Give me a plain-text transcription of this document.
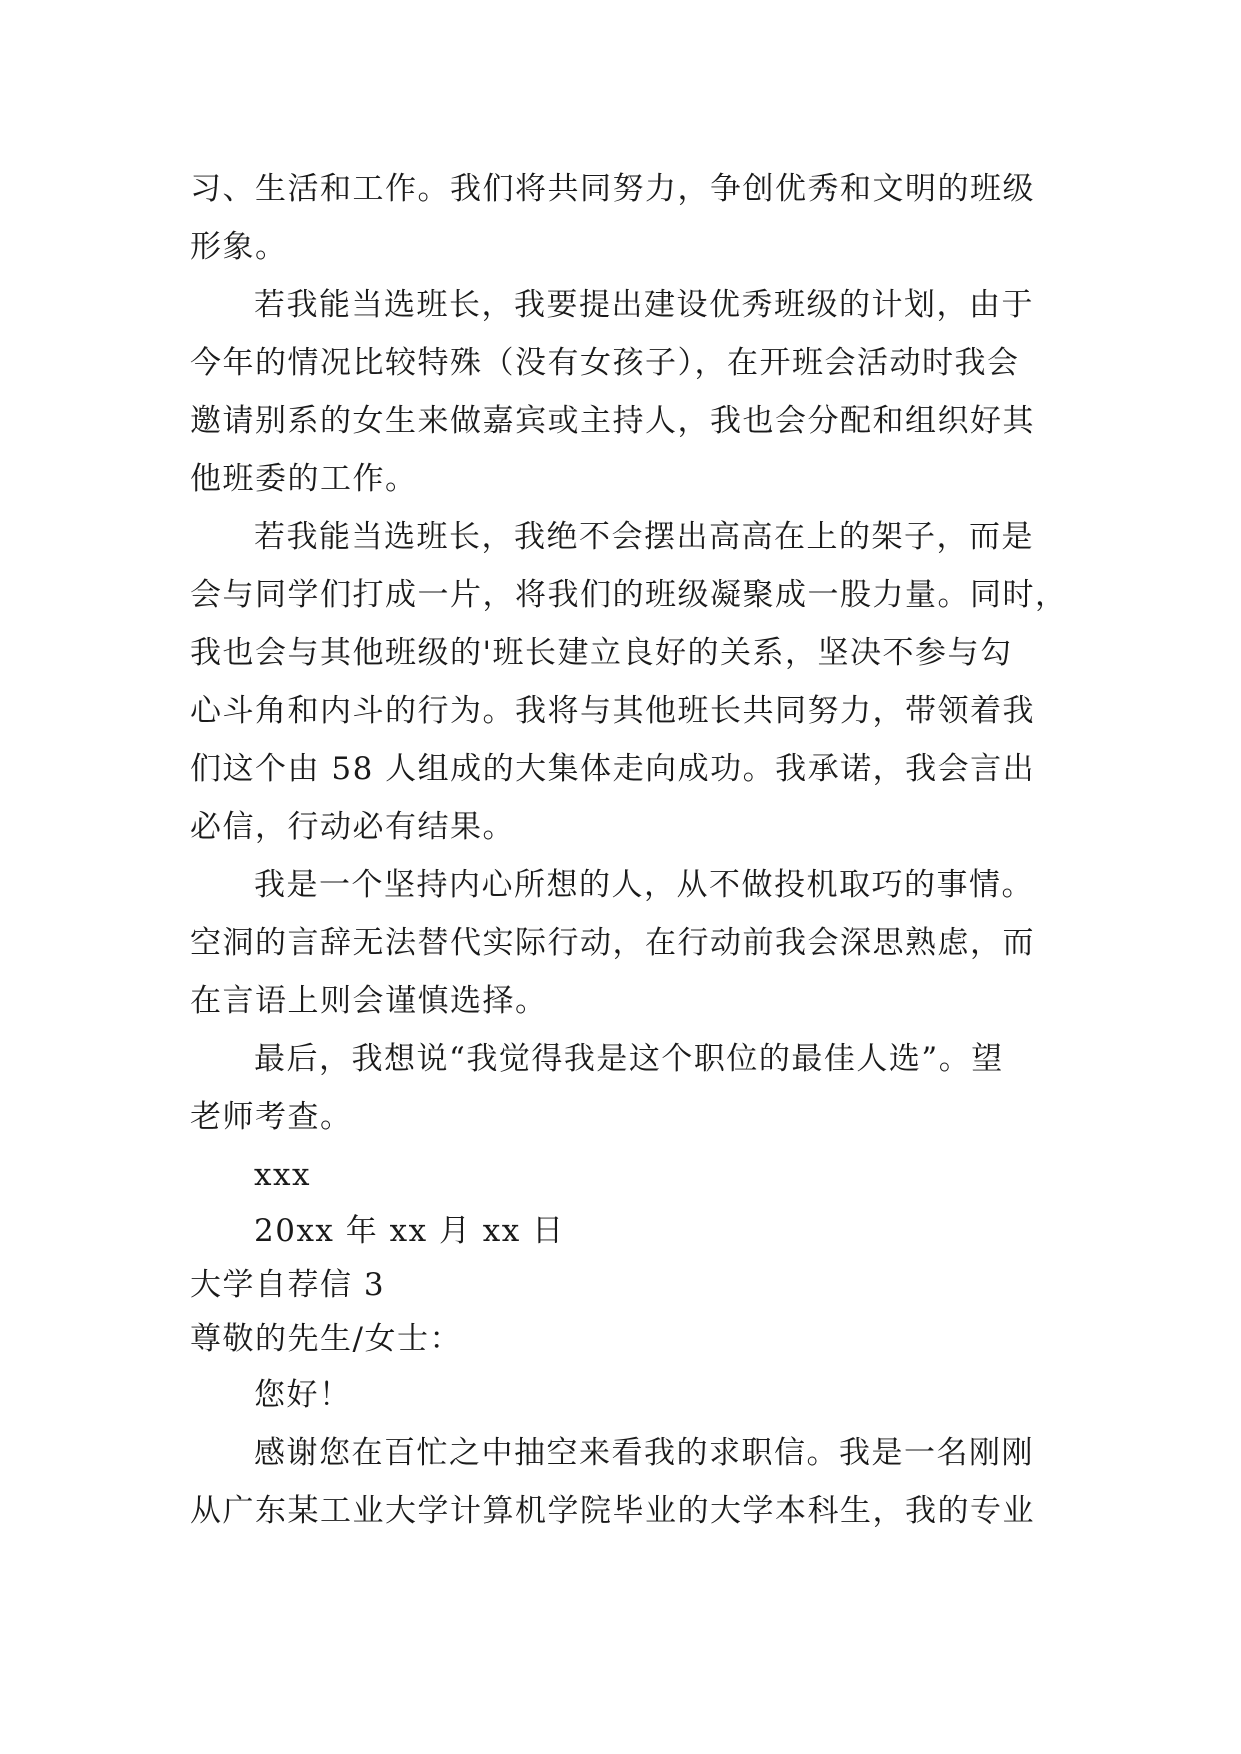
习、生活和工作。我们将共同努力，争创优秀和文明的班级
形象。
若我能当选班长，我要提出建设优秀班级的计划，由于
今年的情况比较特殊（没有女孩子），在开班会活动时我会
邀请别系的女生来做嘉宾或主持人，我也会分配和组织好其
他班委的工作。
若我能当选班长，我绝不会摆出高高在上的架子，而是
会与同学们打成一片，将我们的班级凝聚成一股力量。同时，
我也会与其他班级的'班长建立良好的关系，坚决不参与勾
心斗角和内斗的行为。我将与其他班长共同努力，带领着我
们这个由 58 人组成的大集体走向成功。我承诺，我会言出
必信，行动必有结果。
我是一个坚持内心所想的人，从不做投机取巧的事情。
空洞的言辞无法替代实际行动，在行动前我会深思熟虑，而
在言语上则会谨慎选择。
最后，我想说“我觉得我是这个职位的最佳人选”。望
老师考查。
xxx
20xx 年 xx 月 xx 日
大学自荐信 3
尊敬的先生/女士：
您好！
感谢您在百忙之中抽空来看我的求职信。我是一名刚刚
从广东某工业大学计算机学院毕业的大学本科生，我的专业
